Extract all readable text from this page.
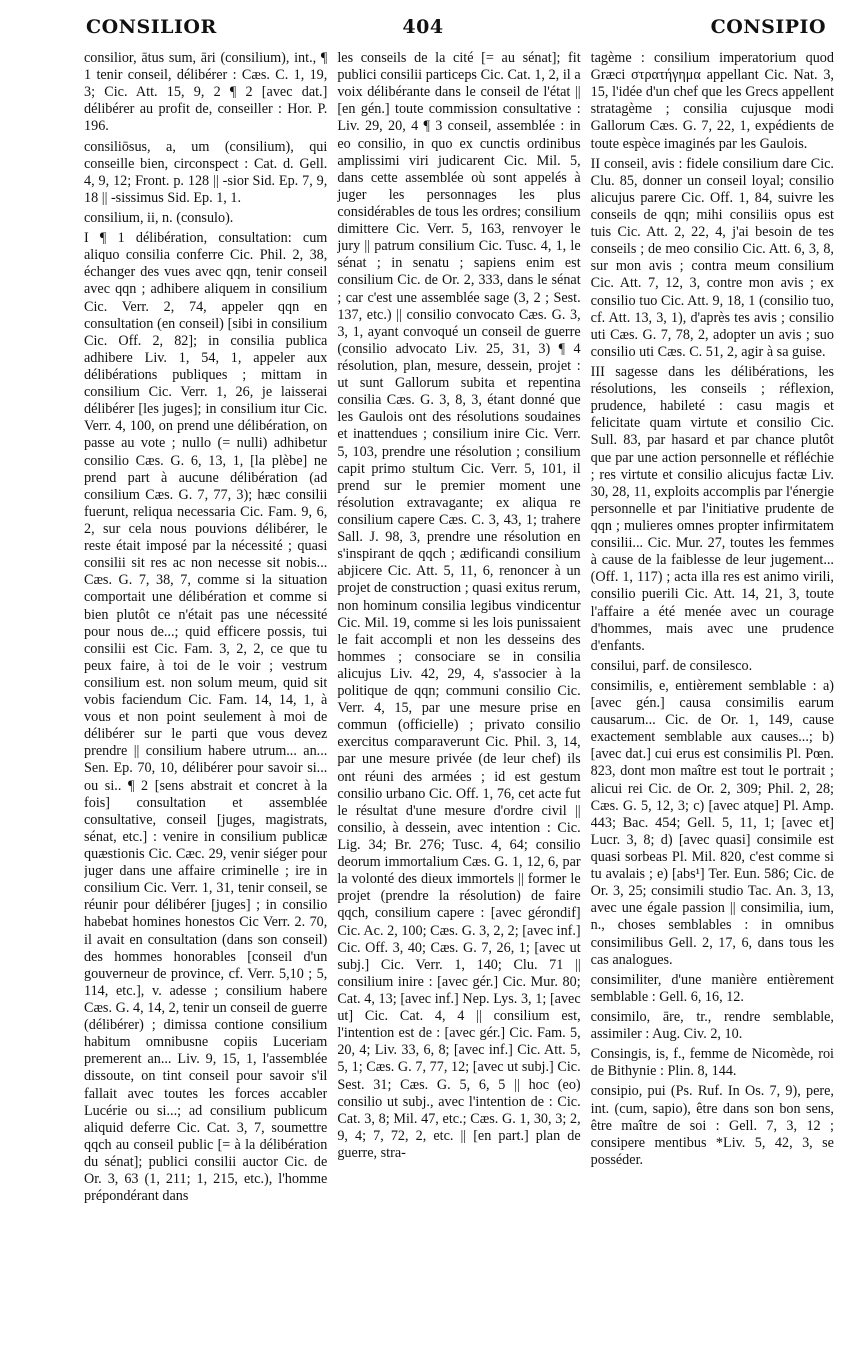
CONSILIOR	404	CONSIPIO

consilior, ātus sum, āri (consilium), int., ¶ 1 tenir conseil, délibérer : Cæs. C. 1, 19, 3; Cic. Att. 15, 9, 2 ¶ 2 [avec dat.] délibérer au profit de, conseiller : Hor. P. 196.

consiliōsus, a, um (consilium), qui conseille bien, circonspect : Cat. d. Gell. 4, 9, 12; Front. p. 128 || -sior Sid. Ep. 7, 9, 18 || -sissimus Sid. Ep. 1, 1.

consilium, ii, n. (consulo).

I ¶ 1 délibération, consultation: cum aliquo consilia conferre Cic. Phil. 2, 38, échanger des vues avec qqn, tenir conseil avec qqn ; adhibere aliquem in consilium Cic. Verr. 2, 74, appeler qqn en consultation (en conseil) [sibi in consilium Cic. Off. 2, 82]; in consilia publica adhibere Liv. 1, 54, 1, appeler aux délibérations publiques ; mittam in consilium Cic. Verr. 1, 26, je laisserai délibérer [les juges]; in consilium itur Cic. Verr. 4, 100, on prend une délibération, on passe au vote ; nullo (= nulli) adhibetur consilio Cæs. G. 6, 13, 1, [la plèbe] ne prend part à aucune délibération (ad consilium Cæs. G. 7, 77, 3); hæc consilii fuerunt, reliqua necessaria Cic. Fam. 9, 6, 2, sur cela nous pouvions délibérer, le reste était imposé par la nécessité ; quasi consilii sit res ac non necesse sit nobis... Cæs. G. 7, 38, 7, comme si la situation comportait une délibération et comme si bien plutôt ce n'était pas une nécessité pour nous de...; quid efficere possis, tui consilii est Cic. Fam. 3, 2, 2, ce que tu peux faire, à toi de le voir ; vestrum consilium est. non solum meum, quid sit vobis faciendum Cic. Fam. 14, 14, 1, à vous et non point seulement à moi de délibérer sur le parti que vous devez prendre || consilium habere utrum... an... Sen. Ep. 70, 10, délibérer pour savoir si... ou si.. ¶ 2 [sens abstrait et concret à la fois] consultation et assemblée consultative, conseil [juges, magistrats, sénat, etc.] : venire in consilium publicæ quæstionis Cic. Cæc. 29, venir siéger pour juger dans une affaire criminelle ; ire in consilium Cic. Verr. 1, 31, tenir conseil, se réunir pour délibérer [juges] ; in consilio habebat homines honestos Cic Verr. 2. 70, il avait en consultation (dans son conseil) des hommes honorables [conseil d'un gouverneur de province, cf. Verr. 5,10 ; 5, 114, etc.], v. adesse ; consilium habere Cæs. G. 4, 14, 2, tenir un conseil de guerre (délibérer) ; dimissa contione consilium habitum omnibusne copiis Luceriam premerent an... Liv. 9, 15, 1, l'assemblée dissoute, on tint conseil pour savoir s'il fallait avec toutes les forces accabler Lucérie ou si...; ad consilium publicum aliquid deferre Cic. Cat. 3, 7, soumettre qqch au conseil public [= à la délibération du sénat]; publici consilii auctor Cic. de Or. 3, 63 (1, 211; 1, 215, etc.), l'homme prépondérant dans

les conseils de la cité [= au sénat]; fit publici consilii particeps Cic. Cat. 1, 2, il a voix délibérante dans le conseil de l'état || [en gén.] toute commission consultative : Liv. 29, 20, 4 ¶ 3 conseil, assemblée : in eo consilio, in quo ex cunctis ordinibus amplissimi viri judicarent Cic. Mil. 5, dans cette assemblée où sont appelés à juger les personnages les plus considérables de tous les ordres; consilium dimittere Cic. Verr. 5, 163, renvoyer le jury || patrum consilium Cic. Tusc. 4, 1, le sénat ; in senatu ; sapiens enim est consilium Cic. de Or. 2, 333, dans le sénat ; car c'est une assemblée sage (3, 2 ; Sest. 137, etc.) || consilio convocato Cæs. G. 3, 3, 1, ayant convoqué un conseil de guerre (consilio advocato Liv. 25, 31, 3) ¶ 4 résolution, plan, mesure, dessein, projet : ut sunt Gallorum subita et repentina consilia Cæs. G. 3, 8, 3, étant donné que les Gaulois ont des résolutions soudaines et inattendues ; consilium inire Cic. Verr. 5, 103, prendre une résolution ; consilium capit primo stultum Cic. Verr. 5, 101, il prend sur le premier moment une résolution extravagante; ex aliqua re consilium capere Cæs. C. 3, 43, 1; trahere Sall. J. 98, 3, prendre une résolution en s'inspirant de qqch ; ædificandi consilium abjicere Cic. Att. 5, 11, 6, renoncer à un projet de construction ; quasi exitus rerum, non hominum consilia legibus vindicentur Cic. Mil. 19, comme si les lois punissaient le fait accompli et non les desseins des hommes ; consociare se in consilia alicujus Liv. 42, 29, 4, s'associer à la politique de qqn; communi consilio Cic. Verr. 4, 15, par une mesure prise en commun (officielle) ; privato consilio exercitus comparaverunt Cic. Phil. 3, 14, par une mesure privée (de leur chef) ils ont réuni des armées ; id est gestum consilio urbano Cic. Off. 1, 76, cet acte fut le résultat d'une mesure d'ordre civil || consilio, à dessein, avec intention : Cic. Lig. 34; Br. 276; Tusc. 4, 64; consilio deorum immortalium Cæs. G. 1, 12, 6, par la volonté des dieux immortels || former le projet (prendre la résolution) de faire qqch, consilium capere : [avec gérondif] Cic. Ac. 2, 100; Cæs. G. 3, 2, 2; [avec inf.] Cic. Off. 3, 40; Cæs. G. 7, 26, 1; [avec ut subj.] Cic. Verr. 1, 140; Clu. 71 || consilium inire : [avec gér.] Cic. Mur. 80; Cat. 4, 13; [avec inf.] Nep. Lys. 3, 1; [avec ut] Cic. Cat. 4, 4 || consilium est, l'intention est de : [avec gér.] Cic. Fam. 5, 20, 4; Liv. 33, 6, 8; [avec inf.] Cic. Att. 5, 5, 1; Cæs. G. 7, 77, 12; [avec ut subj.] Cic. Sest. 31; Cæs. G. 5, 6, 5 || hoc (eo) consilio ut subj., avec l'intention de : Cic. Cat. 3, 8; Mil. 47, etc.; Cæs. G. 1, 30, 3; 2, 9, 4; 7, 72, 2, etc. || [en part.] plan de guerre, stra-

tagème : consilium imperatorium quod Græci στρατήγημα appellant Cic. Nat. 3, 15, l'idée d'un chef que les Grecs appellent stratagème ; consilia cujusque modi Gallorum Cæs. G. 7, 22, 1, expédients de toute espèce imaginés par les Gaulois.

II conseil, avis : fidele consilium dare Cic. Clu. 85, donner un conseil loyal; consilio alicujus parere Cic. Off. 1, 84, suivre les conseils de qqn; mihi consiliis opus est tuis Cic. Att. 2, 22, 4, j'ai besoin de tes conseils ; de meo consilio Cic. Att. 6, 3, 8, sur mon avis ; contra meum consilium Cic. Att. 7, 12, 3, contre mon avis ; ex consilio tuo Cic. Att. 9, 18, 1 (consilio tuo, cf. Att. 13, 3, 1), d'après tes avis ; consilio uti Cæs. G. 7, 78, 2, adopter un avis ; suo consilio uti Cæs. C. 51, 2, agir à sa guise.

III sagesse dans les délibérations, les résolutions, les conseils ; réflexion, prudence, habileté : casu magis et felicitate quam virtute et consilio Cic. Sull. 83, par hasard et par chance plutôt que par une action personnelle et réfléchie ; res virtute et consilio alicujus factæ Liv. 30, 28, 11, exploits accomplis par l'énergie personnelle et par l'initiative prudente de qqn ; mulieres omnes propter infirmitatem consilii... Cic. Mur. 27, toutes les femmes à cause de la faiblesse de leur jugement... (Off. 1, 117) ; acta illa res est animo virili, consilio puerili Cic. Att. 14, 21, 3, toute l'affaire a été menée avec un courage d'hommes, mais avec une prudence d'enfants.

consilui, parf. de consilesco.

consimilis, e, entièrement semblable : a) [avec gén.] causa consimilis earum causarum... Cic. de Or. 1, 149, cause exactement semblable aux causes...; b) [avec dat.] cui erus est consimilis Pl. Pœn. 823, dont mon maître est tout le portrait ; alicui rei Cic. de Or. 2, 309; Phil. 2, 28; Cæs. G. 5, 12, 3; c) [avec atque] Pl. Amp. 443; Bac. 454; Gell. 5, 11, 1; [avec et] Lucr. 3, 8; d) [avec quasi] consimile est quasi sorbeas Pl. Mil. 820, c'est comme si tu avalais ; e) [abs¹] Ter. Eun. 586; Cic. de Or. 3, 25; consimili studio Tac. An. 3, 13, avec une égale passion || consimilia, ium, n., choses semblables : in omnibus consimilibus Gell. 2, 17, 6, dans tous les cas analogues.

consimiliter, d'une manière entièrement semblable : Gell. 6, 16, 12.

consimilo, āre, tr., rendre semblable, assimiler : Aug. Civ. 2, 10.

Consingis, is, f., femme de Nicomède, roi de Bithynie : Plin. 8, 144.

consipio, pui (Ps. Ruf. In Os. 7, 9), pere, int. (cum, sapio), être dans son bon sens, être maître de soi : Gell. 7, 3, 12 ; consipere mentibus *Liv. 5, 42, 3, se posséder.
